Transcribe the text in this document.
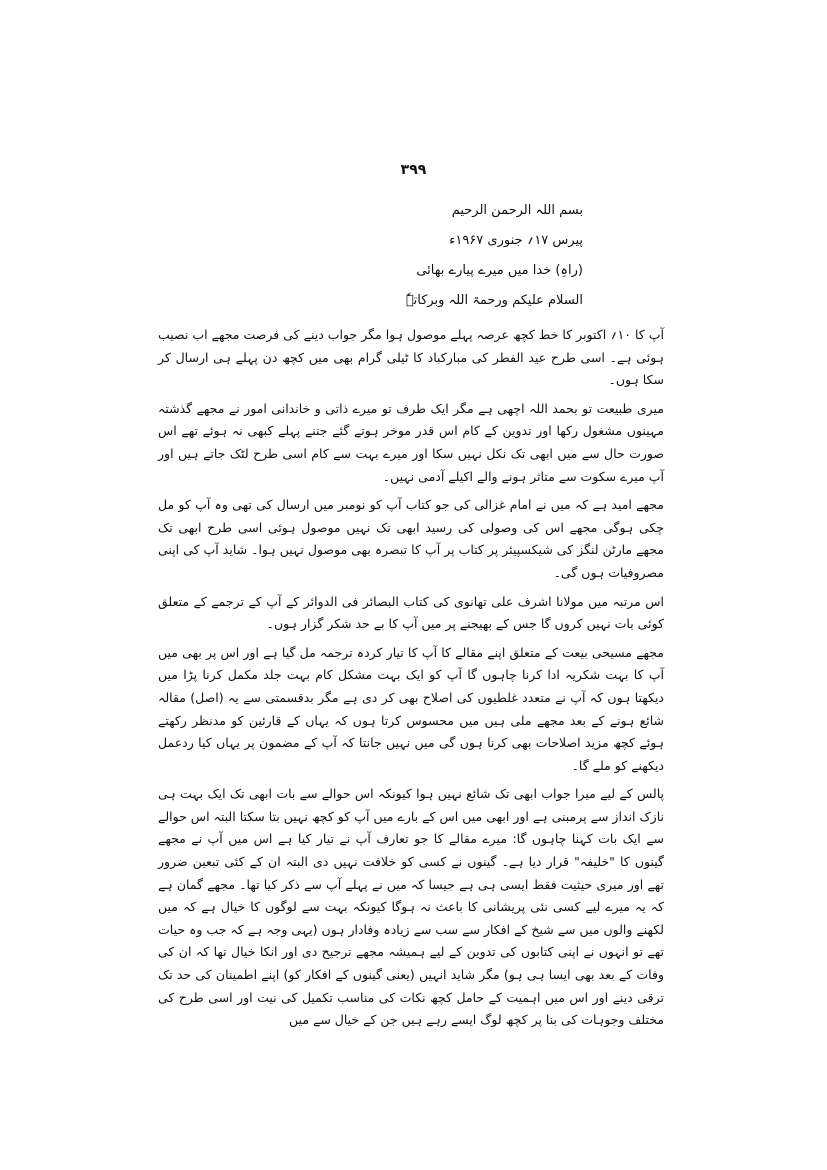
۳۹۹
بسم اللہ الرحمن الرحیم
پیرس ۱۷؍ جنوری ۱۹۶۷ء
(راہِ) خدا میں میرے پیارے بھائی
السلام علیکم ورحمۃ اللہ وبرکاتہٗ

آپ کا ۱۰؍ اکتوبر کا خط کچھ عرصہ پہلے موصول ہوا مگر جواب دینے کی فرصت مجھے اب نصیب ہوئی ہے۔ اسی طرح عید الفطر کی مبارکباد کا ٹیلی گرام بھی میں کچھ دن پہلے ہی ارسال کر سکا ہوں۔

میری طبیعت تو بحمد اللہ اچھی ہے مگر ایک طرف تو میرے ذاتی و خاندانی امور نے مجھے گذشتہ مہینوں مشغول رکھا اور تدوین کے کام اس قدر موخر ہوتے گئے جتنے پہلے کبھی نہ ہوئے تھے اس صورت حال سے میں ابھی تک نکل نہیں سکا اور میرے بہت سے کام اسی طرح لٹک جاتے ہیں اور آپ میرے سکوت سے متاثر ہونے والے اکیلے آدمی نہیں۔

مجھے امید ہے کہ میں نے امام غزالی کی جو کتاب آپ کو نومبر میں ارسال کی تھی وہ آپ کو مل چکی ہوگی مجھے اس کی وصولی کی رسید ابھی تک نہیں موصول ہوئی اسی طرح ابھی تک مجھے مارٹن لنگز کی شیکسپیئر پر کتاب پر آپ کا تبصرہ بھی موصول نہیں ہوا۔ شاید آپ کی اپنی مصروفیات ہوں گی۔

اس مرتبہ میں مولانا اشرف علی تھانوی کی کتاب البصائر فی الدوائر کے آپ کے ترجمے کے متعلق کوئی بات نہیں کروں گا جس کے بھیجنے پر میں آپ کا بے حد شکر گزار ہوں۔

مجھے مسیحی بیعت کے متعلق اپنے مقالے کا آپ کا تیار کردہ ترجمہ مل گیا ہے اور اس پر بھی میں آپ کا بہت شکریہ ادا کرنا چاہوں گا آپ کو ایک بہت مشکل کام بہت جلد مکمل کرنا پڑا میں دیکھتا ہوں کہ آپ نے متعدد غلطیوں کی اصلاح بھی کر دی ہے مگر بدقسمتی سے یہ (اصل) مقالہ شائع ہونے کے بعد مجھے ملی ہیں میں محسوس کرتا ہوں کہ یہاں کے قارئین کو مدنظر رکھتے ہوئے کچھ مزید اصلاحات بھی کرنا ہوں گی میں نہیں جانتا کہ آپ کے مضمون پر یہاں کیا ردعمل دیکھنے کو ملے گا۔

پالس کے لیے میرا جواب ابھی تک شائع نہیں ہوا کیونکہ اس حوالے سے بات ابھی تک ایک بہت ہی نازک انداز سے پرمبنی ہے اور ابھی میں اس کے بارے میں آپ کو کچھ نہیں بتا سکتا البتہ اس حوالے سے ایک بات کہنا چاہوں گا: میرے مقالے کا جو تعارف آپ نے تیار کیا ہے اس میں آپ نے مجھے گینوں کا "خلیفہ" قرار دیا ہے۔ گینوں نے کسی کو خلافت نہیں دی البتہ ان کے کئی تبعین ضرور تھے اور میری حیثیت فقط ایسی ہی ہے جیسا کہ میں نے پہلے آپ سے ذکر کیا تھا۔ مجھے گمان ہے کہ یہ میرے لیے کسی نئی پریشانی کا باعث نہ ہوگا کیونکہ بہت سے لوگوں کا خیال ہے کہ میں لکھنے والوں میں سے شیخ کے افکار سے سب سے زیادہ وفادار ہوں (یہی وجہ ہے کہ جب وہ حیات تھے تو انہوں نے اپنی کتابوں کی تدوین کے لیے ہمیشہ مجھے ترجیح دی اور انکا خیال تھا کہ ان کی وفات کے بعد بھی ایسا ہی ہو) مگر شاید انہیں (یعنی گینوں کے افکار کو) اپنے اطمینان کی حد تک ترقی دینے اور اس میں اہمیت کے حامل کچھ نکات کی مناسب تکمیل کی نیت اور اسی طرح کی مختلف وجوہات کی بنا پر کچھ لوگ ایسے رہے ہیں جن کے خیال سے میں
